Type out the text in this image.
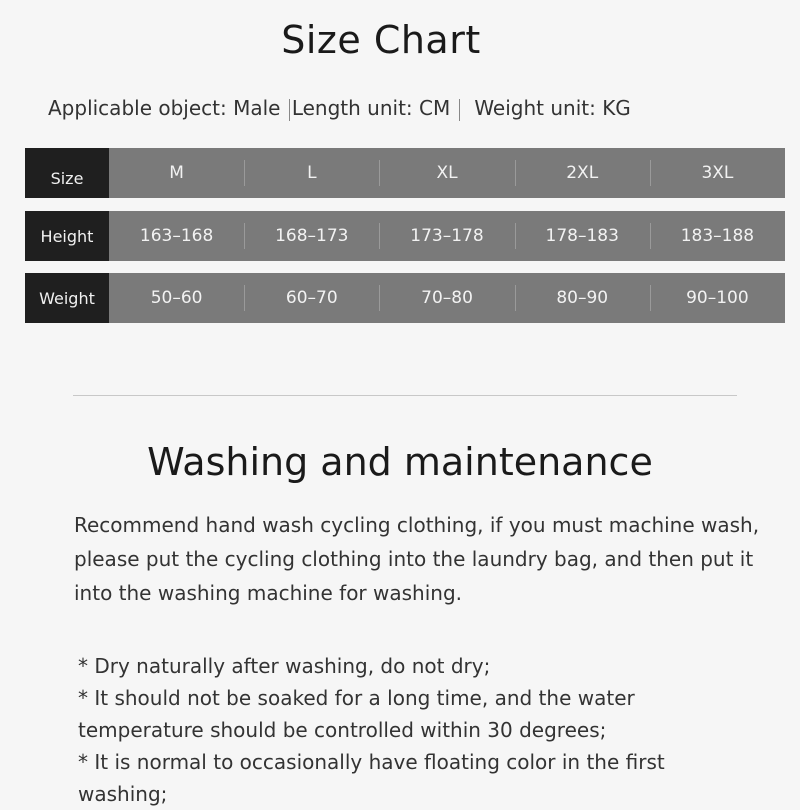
Size Chart
Applicable object: Male Length unit: CM Weight unit: KG
Size	M	L	XL	2XL	3XL
Height	163–168	168–173	173–178	178–183	183–188
Weight	50–60	60–70	70–80	80–90	90–100
Washing and maintenance
Recommend hand wash cycling clothing, if you must machine wash, please put the cycling clothing into the laundry bag, and then put it into the washing machine for washing.
* Dry naturally after washing, do not dry;
* It should not be soaked for a long time, and the water temperature should be controlled within 30 degrees;
* It is normal to occasionally have floating color in the first washing;
